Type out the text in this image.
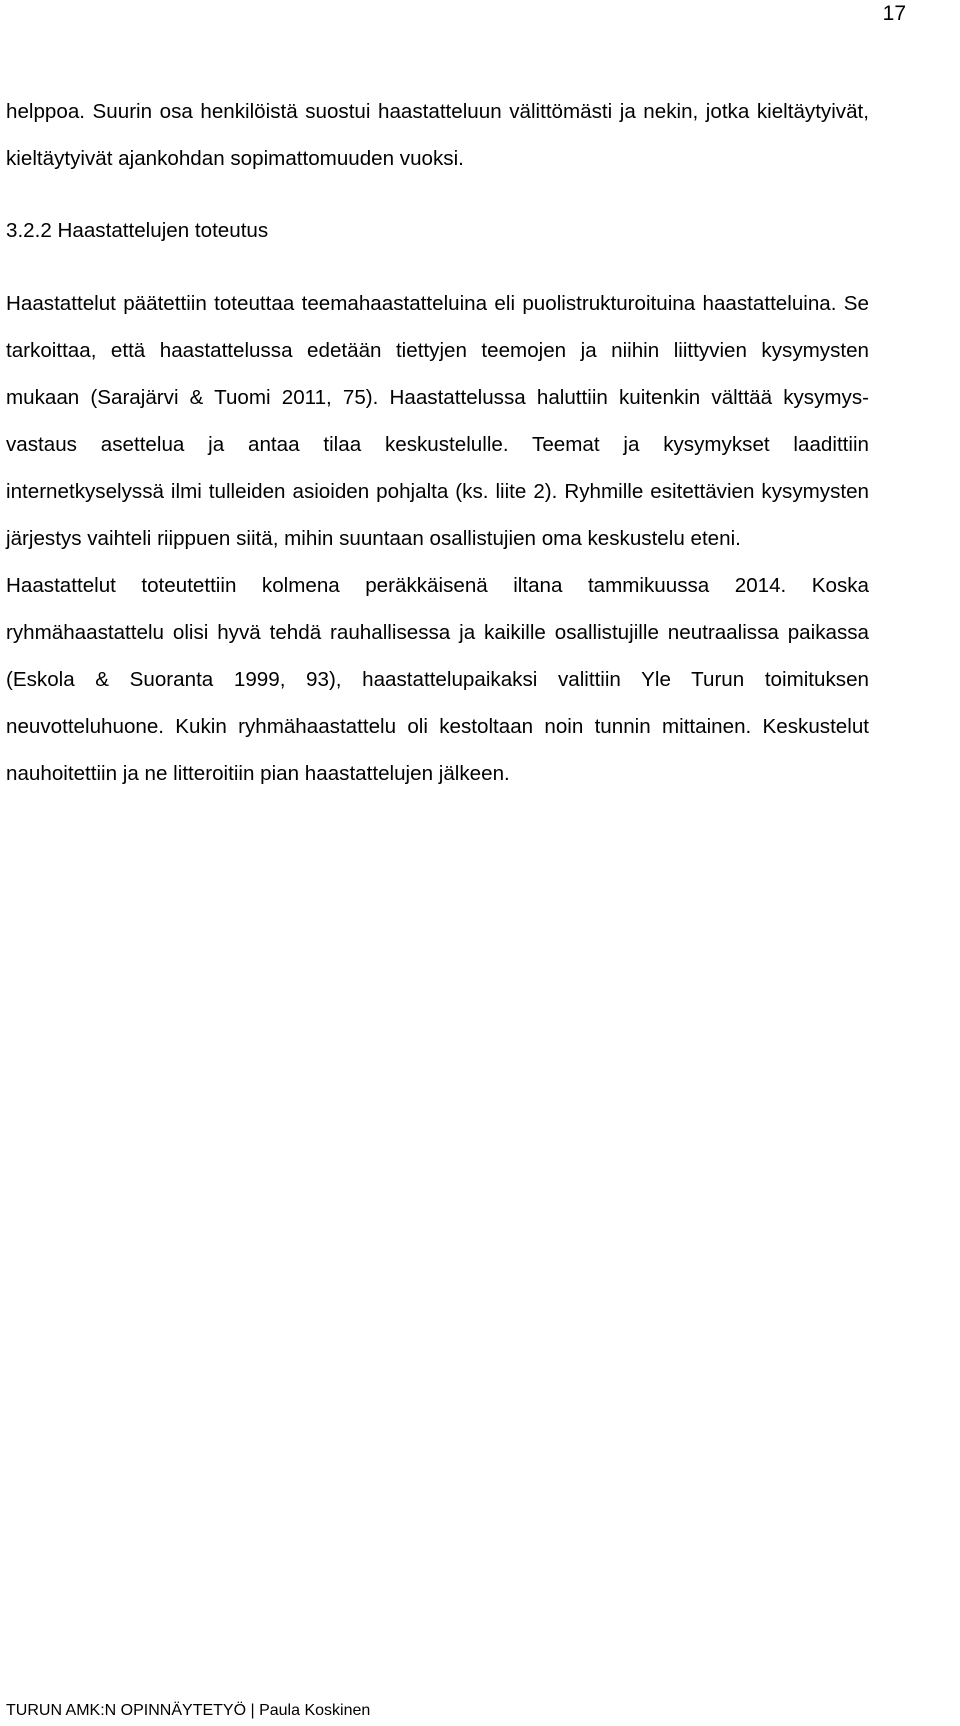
17

helppoa. Suurin osa henkilöistä suostui haastatteluun välittömästi ja nekin, jotka kieltäytyivät, kieltäytyivät ajankohdan sopimattomuuden vuoksi.

3.2.2 Haastattelujen toteutus

Haastattelut päätettiin toteuttaa teemahaastatteluina eli puolistrukturoituina haastatteluina. Se tarkoittaa, että haastattelussa edetään tiettyjen teemojen ja niihin liittyvien kysymysten mukaan (Sarajärvi & Tuomi 2011, 75). Haastattelussa haluttiin kuitenkin välttää kysymys-vastaus asettelua ja antaa tilaa keskustelulle. Teemat ja kysymykset laadittiin internetkyselyssä ilmi tulleiden asioiden pohjalta (ks. liite 2). Ryhmille esitettävien kysymysten järjestys vaihteli riippuen siitä, mihin suuntaan osallistujien oma keskustelu eteni.

Haastattelut toteutettiin kolmena peräkkäisenä iltana tammikuussa 2014. Koska ryhmähaastattelu olisi hyvä tehdä rauhallisessa ja kaikille osallistujille neutraalissa paikassa (Eskola & Suoranta 1999, 93), haastattelupaikaksi valittiin Yle Turun toimituksen neuvotteluhuone. Kukin ryhmähaastattelu oli kestoltaan noin tunnin mittainen. Keskustelut nauhoitettiin ja ne litteroitiin pian haastattelujen jälkeen.

TURUN AMK:N OPINNÄYTETYÖ | Paula Koskinen
